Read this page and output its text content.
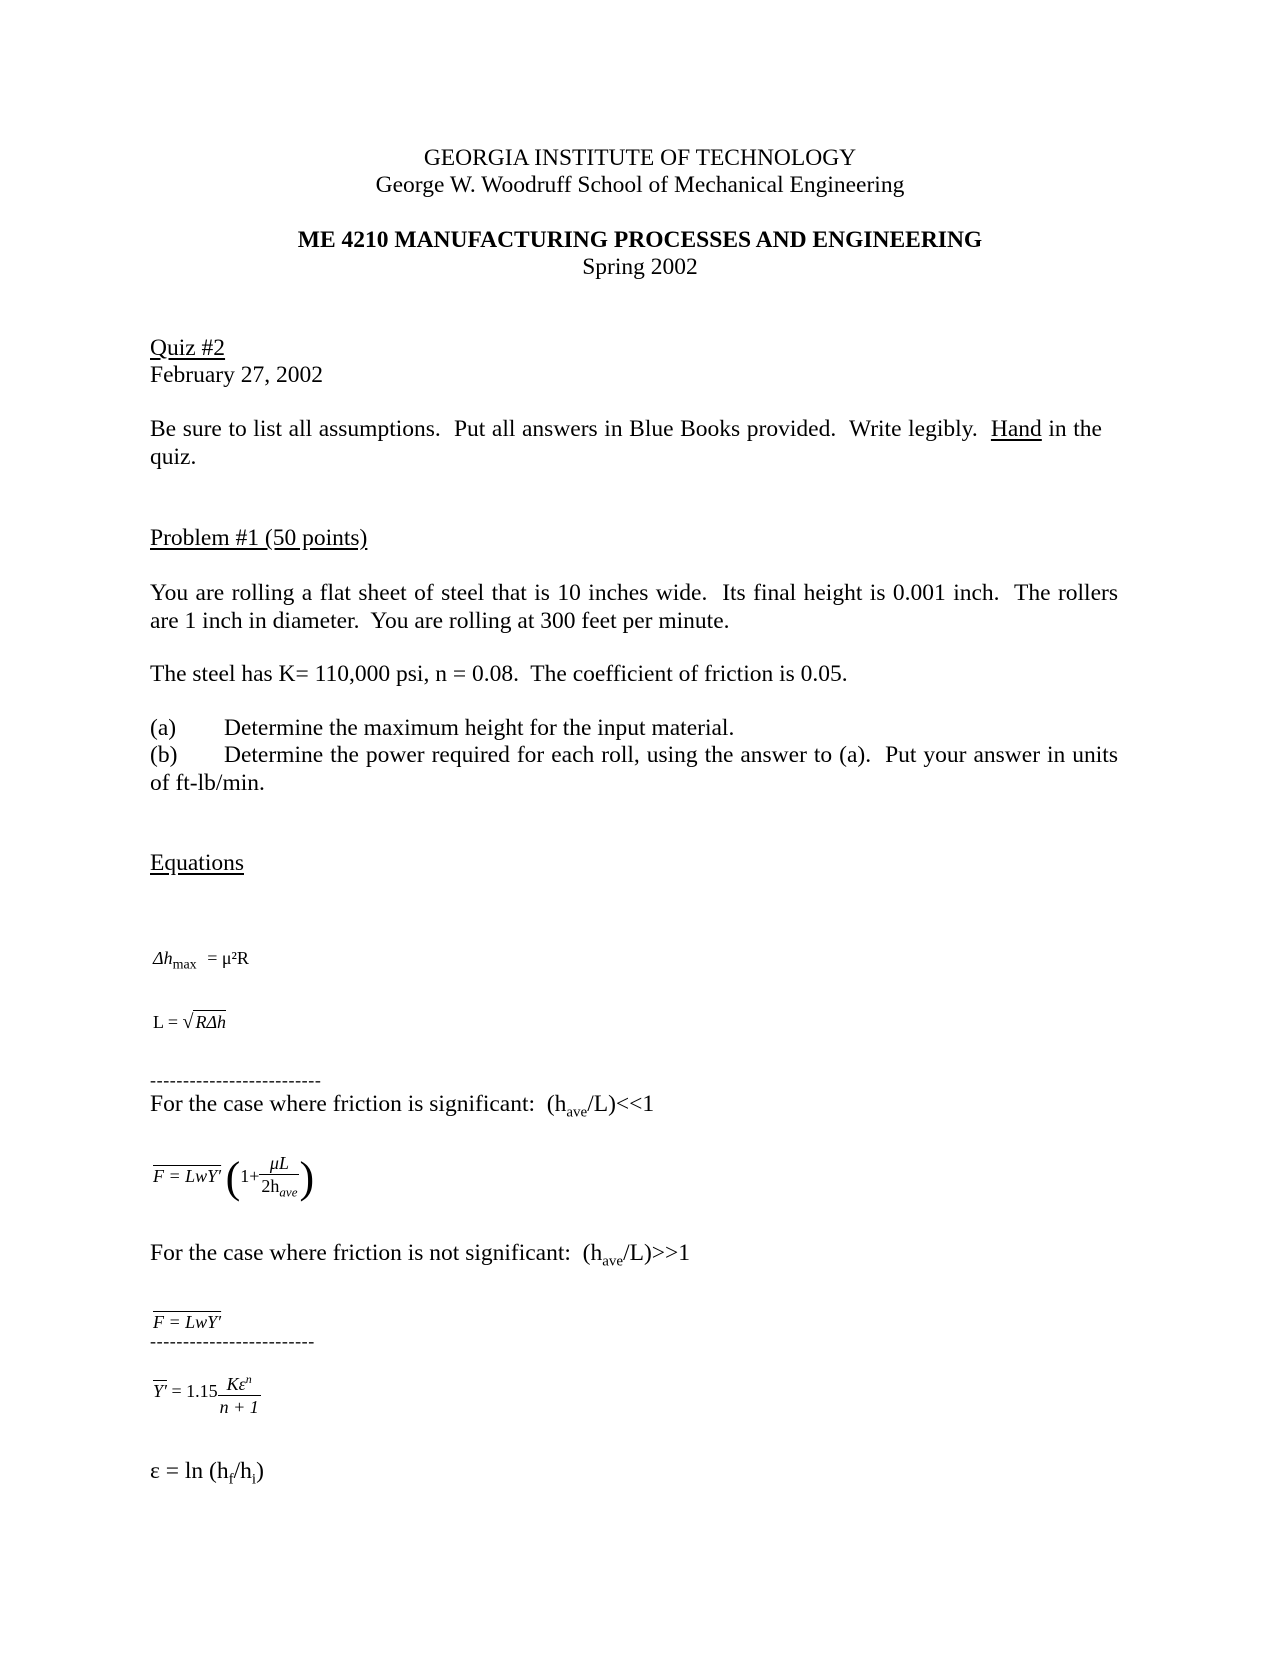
GEORGIA INSTITUTE OF TECHNOLOGY
George W. Woodruff School of Mechanical Engineering
ME 4210 MANUFACTURING PROCESSES AND ENGINEERING
Spring 2002
Quiz #2
February 27, 2002
Be sure to list all assumptions.  Put all answers in Blue Books provided.  Write legibly.  Hand in the quiz.
Problem #1 (50 points)
You are rolling a flat sheet of steel that is 10 inches wide.  Its final height is 0.001 inch.  The rollers are 1 inch in diameter.  You are rolling at 300 feet per minute.
The steel has K= 110,000 psi, n = 0.08.  The coefficient of friction is 0.05.
(a) Determine the maximum height for the input material.
(b)	Determine the power required for each roll, using the answer to (a).  Put your answer in units of ft-lb/min.
Equations
$\Delta h_{max} = \mu^2R$
L = √ RΔh
--------------------------
For the case where friction is significant:  $(h_{ave}/L)<<1$
F = LwY′ ($1+ \frac{\mu L}{2h_{ave}}$ )
For the case where friction is not significant:  $(h_{ave}/L)>>1$
F = LwY′
-------------------------
$Y' = 1.15 \frac{K\varepsilon^n}{n + 1}$
$\varepsilon = \ln (h_f/h_i)$
